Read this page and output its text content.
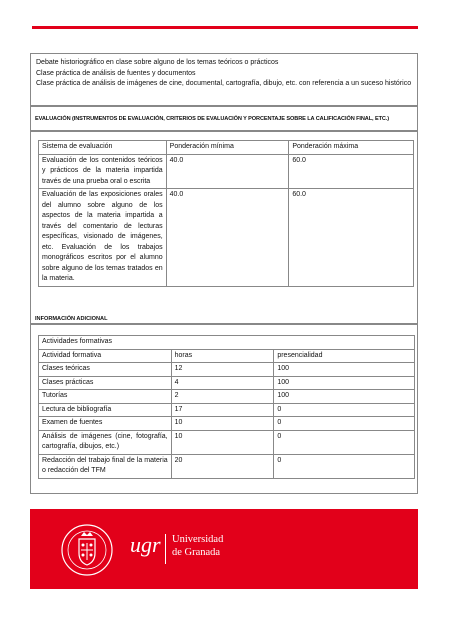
Debate historiográfico en clase sobre alguno de los temas teóricos o prácticos
Clase práctica de análisis de fuentes y documentos
Clase práctica de análisis de imágenes de cine, documental, cartografía, dibujo, etc. con referencia a un suceso histórico
EVALUACIÓN (INSTRUMENTOS DE EVALUACIÓN, CRITERIOS DE EVALUACIÓN Y PORCENTAJE SOBRE LA CALIFICACIÓN FINAL, ETC.)
Sistema de evaluación	Ponderación mínima	Ponderación máxima
Evaluación de los contenidos teóricos y prácticos de la materia impartida través de una prueba oral o escrita	40.0	60.0
Evaluación de las exposiciones orales del alumno sobre alguno de los aspectos de la materia impartida a través del comentario de lecturas específicas, visionado de imágenes, etc. Evaluación de los trabajos monográficos escritos por el alumno sobre alguno de los temas tratados en la materia.	40.0	60.0
INFORMACIÓN ADICIONAL
Actividades formativas		
Actividad formativa	horas	presencialidad
Clases teóricas	12	100
Clases prácticas	4	100
Tutorías	2	100
Lectura de bibliografía	17	0
Examen de fuentes	10	0
Análisis de imágenes (cine, fotografía, cartografía, dibujos, etc.)	10	0
Redacción del trabajo final de la materia o redacción del TFM	20	0
ugr Universidad
de Granada
